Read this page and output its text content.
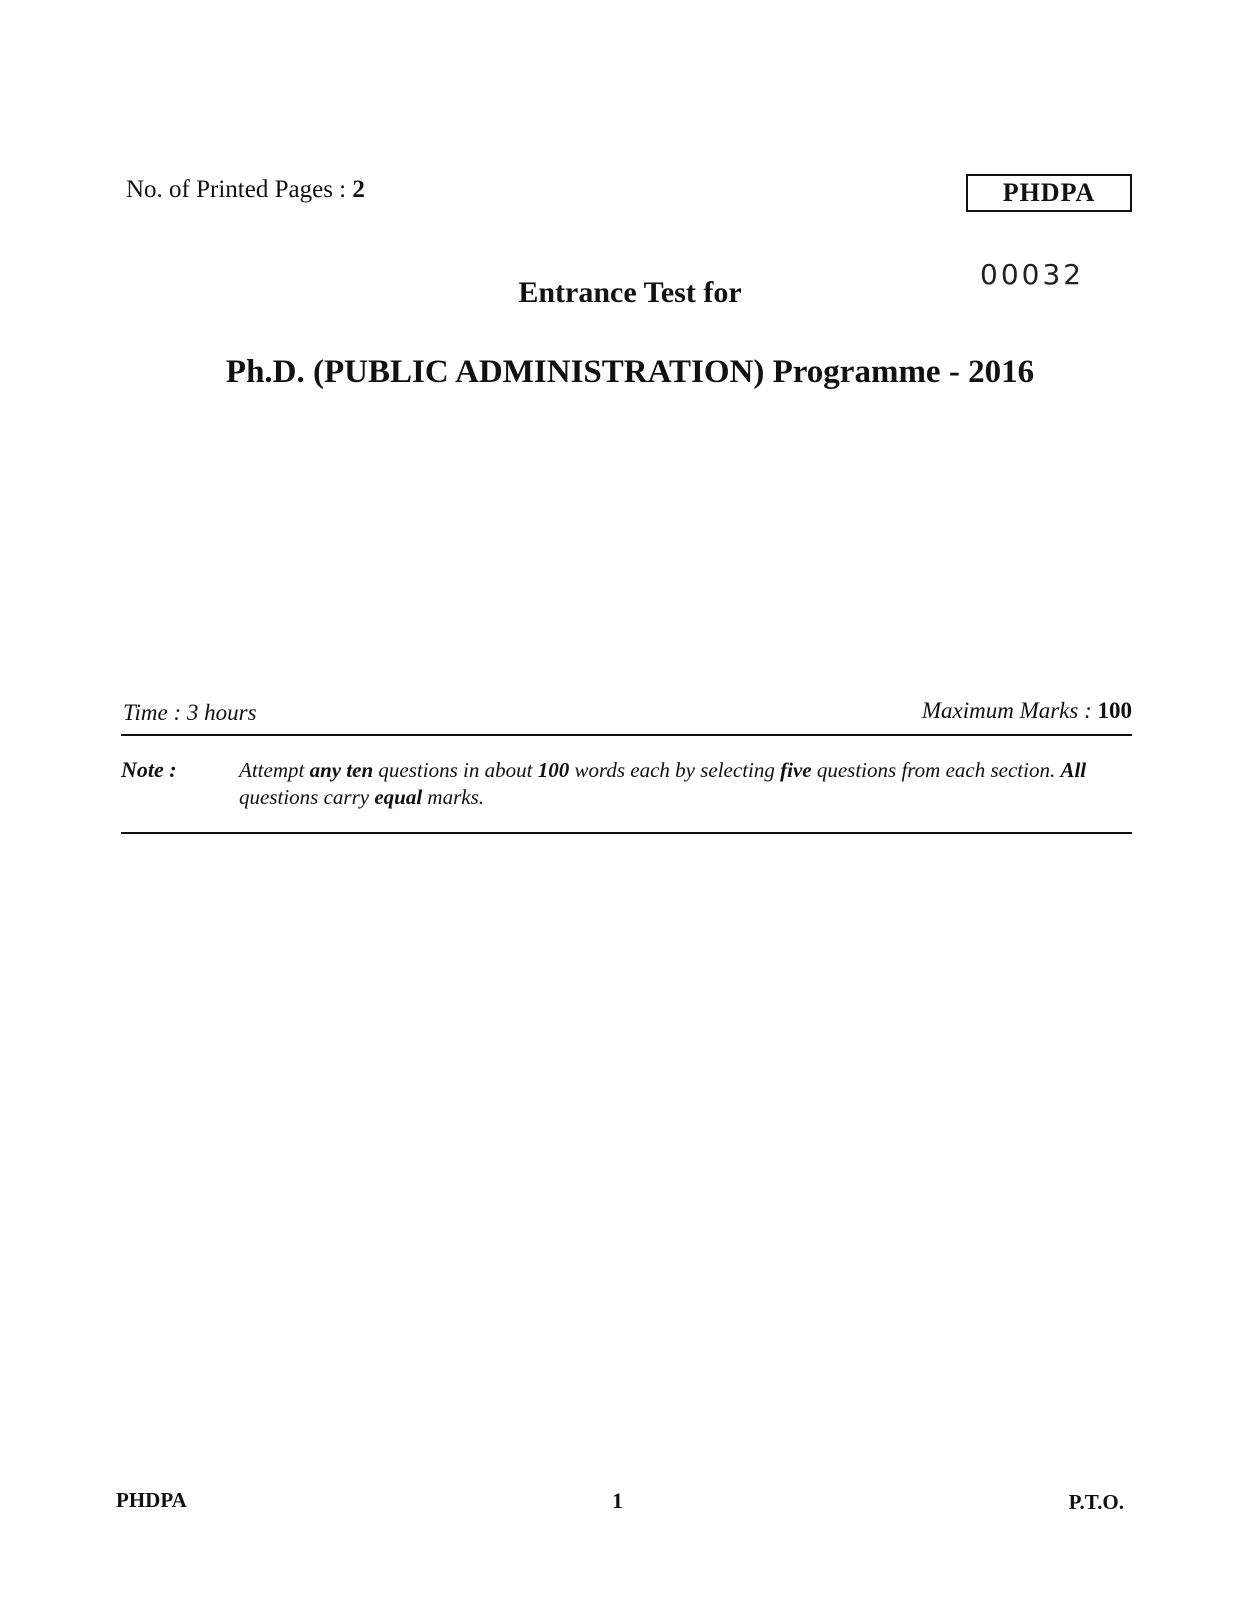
No. of Printed Pages : 2	PHDPA
00032
Entrance Test for
Ph.D. (PUBLIC ADMINISTRATION) Programme - 2016
Time : 3 hours	Maximum Marks : 100
Note :	Attempt any ten questions in about 100 words each by selecting five questions from each section. All questions carry equal marks.
PHDPA	1	P.T.O.
